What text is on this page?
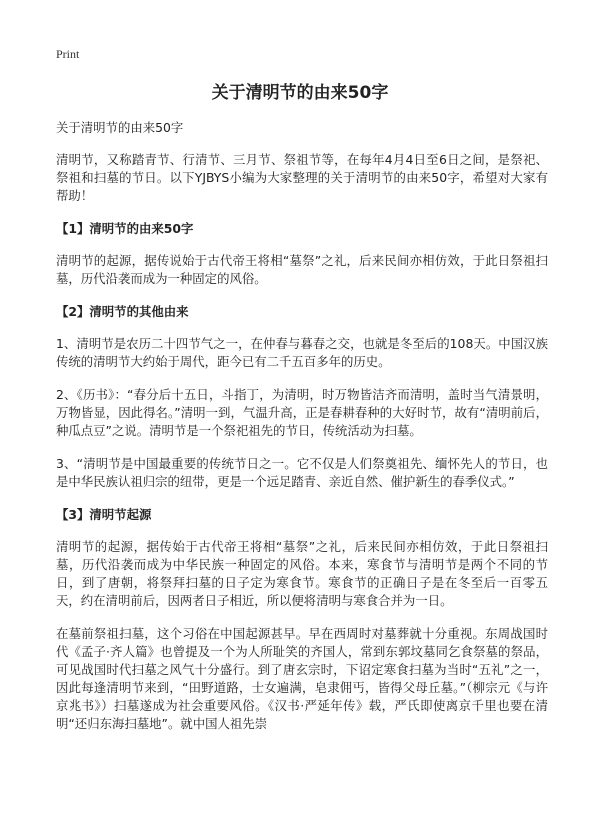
Print
关于清明节的由来50字

关于清明节的由来50字

清明节，又称踏青节、行清节、三月节、祭祖节等，在每年4月4日至6日之间，是祭祀、祭祖和扫墓的节日。以下YJBYS小编为大家整理的关于清明节的由来50字，希望对大家有帮助！

【1】清明节的由来50字

清明节的起源，据传说始于古代帝王将相“墓祭”之礼，后来民间亦相仿效，于此日祭祖扫墓，历代沿袭而成为一种固定的风俗。

【2】清明节的其他由来

1、清明节是农历二十四节气之一，在仲春与暮春之交，也就是冬至后的108天。中国汉族传统的清明节大约始于周代，距今已有二千五百多年的历史。

2、《历书》：“春分后十五日，斗指丁，为清明，时万物皆洁齐而清明，盖时当气清景明，万物皆显，因此得名。”清明一到，气温升高，正是春耕春种的大好时节，故有“清明前后，种瓜点豆”之说。清明节是一个祭祀祖先的节日，传统活动为扫墓。

3、“清明节是中国最重要的传统节日之一。它不仅是人们祭奠祖先、缅怀先人的节日，也是中华民族认祖归宗的纽带，更是一个远足踏青、亲近自然、催护新生的春季仪式。”

【3】清明节起源

清明节的起源，据传始于古代帝王将相“墓祭”之礼，后来民间亦相仿效，于此日祭祖扫墓，历代沿袭而成为中华民族一种固定的风俗。本来，寒食节与清明节是两个不同的节日，到了唐朝，将祭拜扫墓的日子定为寒食节。寒食节的正确日子是在冬至后一百零五天，约在清明前后，因两者日子相近，所以便将清明与寒食合并为一日。

在墓前祭祖扫墓，这个习俗在中国起源甚早。早在西周时对墓葬就十分重视。东周战国时代《孟子·齐人篇》也曾提及一个为人所耻笑的齐国人，常到东郭坟墓同乞食祭墓的祭品，可见战国时代扫墓之风气十分盛行。到了唐玄宗时，下诏定寒食扫墓为当时“五礼”之一，因此每逢清明节来到，“田野道路，士女遍满，皂隶佣丐，皆得父母丘墓。”（柳宗元《与许京兆书》）扫墓遂成为社会重要风俗。《汉书·严延年传》载，严氏即使离京千里也要在清明“还归东海扫墓地”。就中国人祖先崇
